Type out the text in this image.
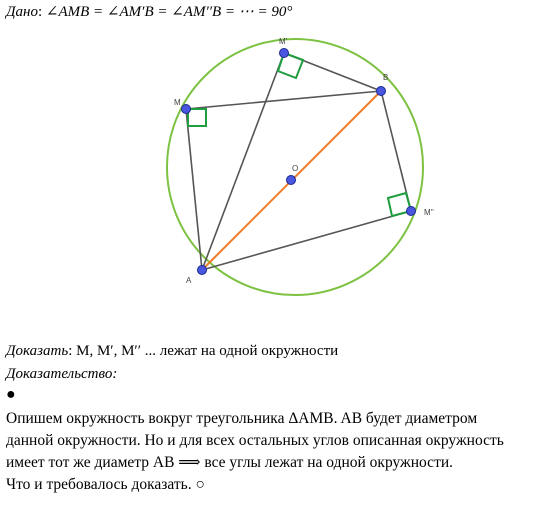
Дано: ∠AMB = ∠AM′B = ∠AM′′B = ⋯ = 90°
M
M'
B
O
M''
A
Доказать: M, M′, M′′ ... лежат на одной окружности
Доказательство:
●
Опишем окружность вокруг треугольника ΔAMB. AB будет диаметром
данной окружности. Но и для всех остальных углов описанная окружность
имеет тот же диаметр AB ⟹ все углы лежат на одной окружности.
Что и требовалось доказать. ○
